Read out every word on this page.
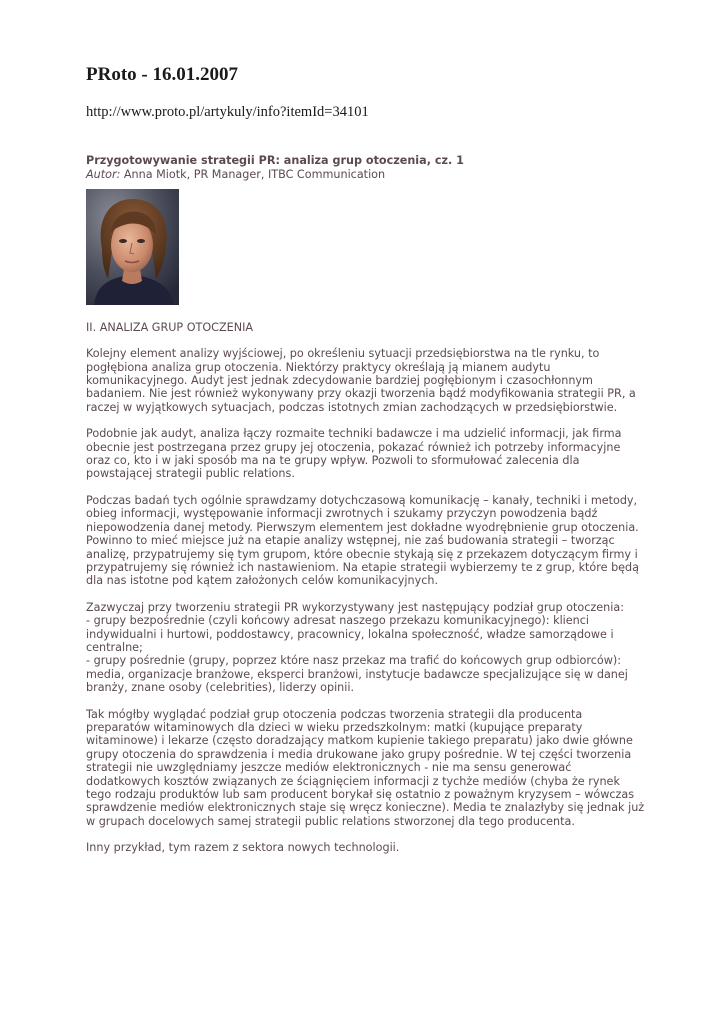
PRoto - 16.01.2007

http://www.proto.pl/artykuly/info?itemId=34101

Przygotowywanie strategii PR: analiza grup otoczenia, cz. 1

Autor: Anna Miotk, PR Manager, ITBC Communication

II. ANALIZA GRUP OTOCZENIA

Kolejny element analizy wyjściowej, po określeniu sytuacji przedsiębiorstwa na tle rynku, to
pogłębiona analiza grup otoczenia. Niektórzy praktycy określają ją mianem audytu
komunikacyjnego. Audyt jest jednak zdecydowanie bardziej pogłębionym i czasochłonnym
badaniem. Nie jest również wykonywany przy okazji tworzenia bądź modyfikowania strategii PR, a
raczej w wyjątkowych sytuacjach, podczas istotnych zmian zachodzących w przedsiębiorstwie.

Podobnie jak audyt, analiza łączy rozmaite techniki badawcze i ma udzielić informacji, jak firma
obecnie jest postrzegana przez grupy jej otoczenia, pokazać również ich potrzeby informacyjne
oraz co, kto i w jaki sposób ma na te grupy wpływ. Pozwoli to sformułować zalecenia dla
powstającej strategii public relations.

Podczas badań tych ogólnie sprawdzamy dotychczasową komunikację – kanały, techniki i metody,
obieg informacji, występowanie informacji zwrotnych i szukamy przyczyn powodzenia bądź
niepowodzenia danej metody. Pierwszym elementem jest dokładne wyodrębnienie grup otoczenia.
Powinno to mieć miejsce już na etapie analizy wstępnej, nie zaś budowania strategii – tworząc
analizę, przypatrujemy się tym grupom, które obecnie stykają się z przekazem dotyczącym firmy i
przypatrujemy się również ich nastawieniom. Na etapie strategii wybierzemy te z grup, które będą
dla nas istotne pod kątem założonych celów komunikacyjnych.

Zazwyczaj przy tworzeniu strategii PR wykorzystywany jest następujący podział grup otoczenia:
- grupy bezpośrednie (czyli końcowy adresat naszego przekazu komunikacyjnego): klienci
indywidualni i hurtowi, poddostawcy, pracownicy, lokalna społeczność, władze samorządowe i
centralne;
- grupy pośrednie (grupy, poprzez które nasz przekaz ma trafić do końcowych grup odbiorców):
media, organizacje branżowe, eksperci branżowi, instytucje badawcze specjalizujące się w danej
branży, znane osoby (celebrities), liderzy opinii.

Tak mógłby wyglądać podział grup otoczenia podczas tworzenia strategii dla producenta
preparatów witaminowych dla dzieci w wieku przedszkolnym: matki (kupujące preparaty
witaminowe) i lekarze (często doradzający matkom kupienie takiego preparatu) jako dwie główne
grupy otoczenia do sprawdzenia i media drukowane jako grupy pośrednie. W tej części tworzenia
strategii nie uwzględniamy jeszcze mediów elektronicznych - nie ma sensu generować
dodatkowych kosztów związanych ze ściągnięciem informacji z tychże mediów (chyba że rynek
tego rodzaju produktów lub sam producent borykał się ostatnio z poważnym kryzysem – wówczas
sprawdzenie mediów elektronicznych staje się wręcz konieczne). Media te znalazłyby się jednak już
w grupach docelowych samej strategii public relations stworzonej dla tego producenta.

Inny przykład, tym razem z sektora nowych technologii.
